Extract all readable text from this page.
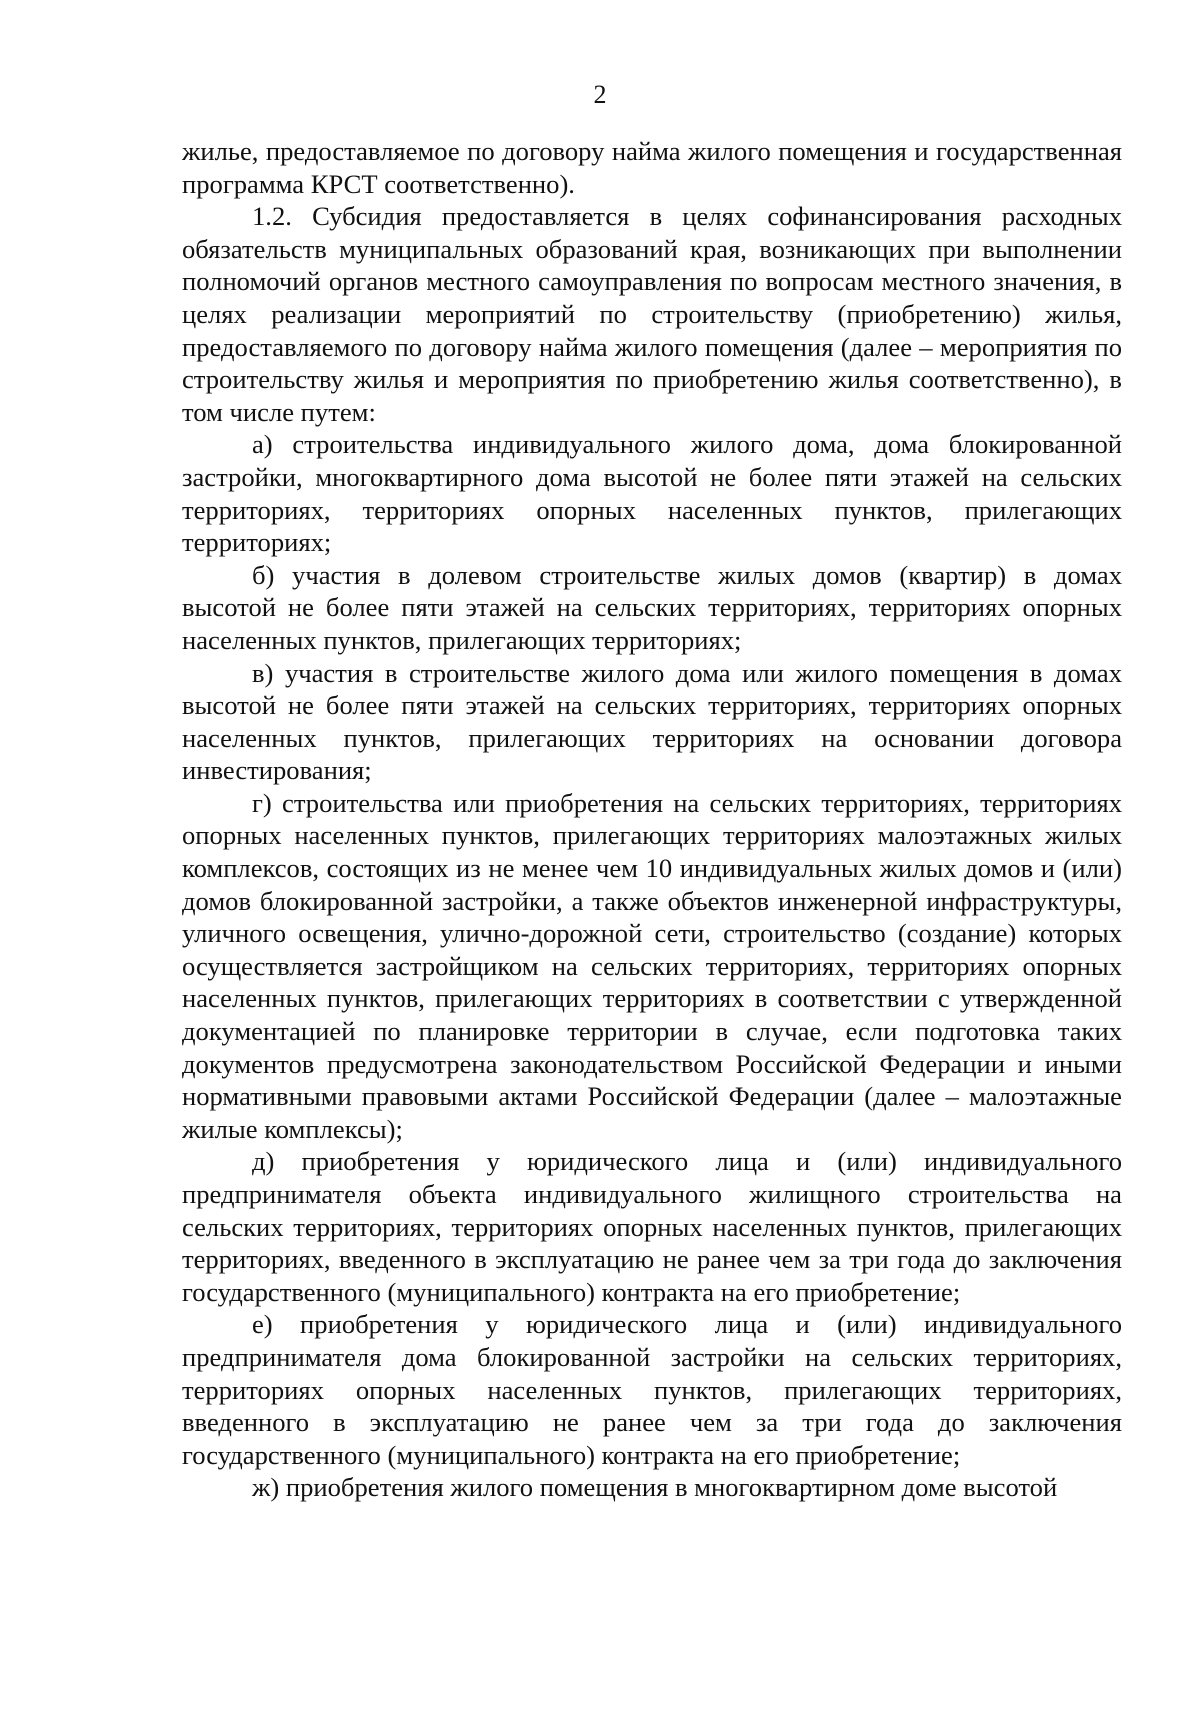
2

жилье, предоставляемое по договору найма жилого помещения и государственная программа КРСТ соответственно).

1.2. Субсидия предоставляется в целях софинансирования расходных обязательств муниципальных образований края, возникающих при выполнении полномочий органов местного самоуправления по вопросам местного значения, в целях реализации мероприятий по строительству (приобретению) жилья, предоставляемого по договору найма жилого помещения (далее – мероприятия по строительству жилья и мероприятия по приобретению жилья соответственно), в том числе путем:

а) строительства индивидуального жилого дома, дома блокированной застройки, многоквартирного дома высотой не более пяти этажей на сельских территориях, территориях опорных населенных пунктов, прилегающих территориях;

б) участия в долевом строительстве жилых домов (квартир) в домах высотой не более пяти этажей на сельских территориях, территориях опорных населенных пунктов, прилегающих территориях;

в) участия в строительстве жилого дома или жилого помещения в домах высотой не более пяти этажей на сельских территориях, территориях опорных населенных пунктов, прилегающих территориях на основании договора инвестирования;

г) строительства или приобретения на сельских территориях, территориях опорных населенных пунктов, прилегающих территориях малоэтажных жилых комплексов, состоящих из не менее чем 10 индивидуальных жилых домов и (или) домов блокированной застройки, а также объектов инженерной инфраструктуры, уличного освещения, улично-дорожной сети, строительство (создание) которых осуществляется застройщиком на сельских территориях, территориях опорных населенных пунктов, прилегающих территориях в соответствии с утвержденной документацией по планировке территории в случае, если подготовка таких документов предусмотрена законодательством Российской Федерации и иными нормативными правовыми актами Российской Федерации (далее – малоэтажные жилые комплексы);

д) приобретения у юридического лица и (или) индивидуального предпринимателя объекта индивидуального жилищного строительства на сельских территориях, территориях опорных населенных пунктов, прилегающих территориях, введенного в эксплуатацию не ранее чем за три года до заключения государственного (муниципального) контракта на его приобретение;

е) приобретения у юридического лица и (или) индивидуального предпринимателя дома блокированной застройки на сельских территориях, территориях опорных населенных пунктов, прилегающих территориях, введенного в эксплуатацию не ранее чем за три года до заключения государственного (муниципального) контракта на его приобретение;

ж) приобретения жилого помещения в многоквартирном доме высотой
